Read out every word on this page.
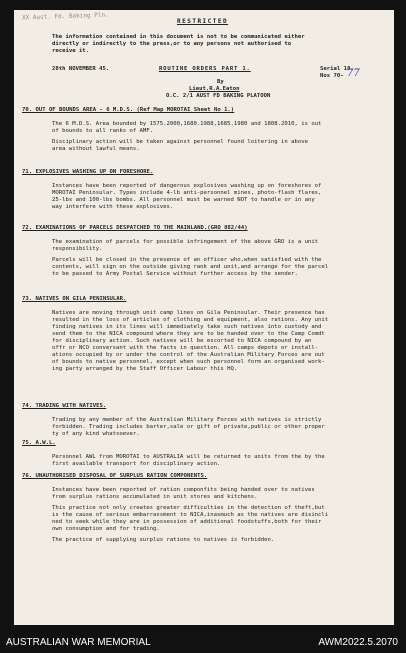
XX Aust. Fd. Baking Pln.	RESTRICTED
The information contained in this document is not to be communicated either
directly or indirectly to the press,or to any persons not authorised to
receive it.
28th NOVEMBER 45.	ROUTINE ORDERS PART 1.	Serial 18.
Nos 70- 77
By
Lieut.R.A.Eaton
O.C. 2/1 AUST FD BAKING PLATOON
70. OUT OF BOUNDS AREA - 6 M.D.S. (Ref Map MOROTAI Sheet No 1.)
The 6 M.D.S. Area bounded by 1575.2000,1680.1988,1685.1980 and 1808.2010, is out
of bounds to all ranks of AMF.
Disciplinary action will be taken against personnel found loitering in above
area without lawful means.
71. EXPLOSIVES WASHING UP ON FORESHORE.
Instances have been reported of dangerous explosives washing up on foreshores of
MOROTAI Peninsular. Types include 4-lb anti-personnel mines, photo-flash flares,
25-lbs and 100-lbs bombs. All personnel must be warned NOT to handle or in any
way interfere with these explosives.
72. EXAMINATIONS OF PARCELS DESPATCHED TO THE MAINLAND.(GRO 882/44)
The examination of parcels for possible infringement of the above GRO is a unit
responsibility.
Parcels will be closed in the presence of an officer who,when satisfied with the
contents, will sign on the outside giving rank and unit,and arrange for the parcel
to be passed to Army Postal Service without further access by the sender.
73. NATIVES ON GILA PENINSULAR.
Natives are moving through unit camp lines on Gila Peninsular. Their presence has
resulted in the loss of articles of clothing and equipment, also rations. Any unit
finding natives in its lines will immediately take such natives into custody and
send them to the NICA compound where they are to be handed over to the Camp Comdt
for disciplinary action. Such natives will be escorted to NICA compound by an
offr or NCO conversant with the facts in question. All camps depots or install-
ations occupied by or under the control of the Australian Military Forces are out
of bounds to native personnel, except when such personnel form an organised work-
ing party arranged by the Staff Officer Labour this HQ.
74. TRADING WITH NATIVES.
Trading by any member of the Australian Military Forces with natives is strictly
forbidden. Trading includes barter,sale or gift of private,public or other proper
ty of any kind whatsoever.
75. A.W.L.
Personnel AWL from MOROTAI to AUSTRALIA will be returned to units from the by the
first available transport for disciplinary action.
76. UNAUTHORISED DISPOSAL OF SURPLUS RATION COMPONENTS.
Instances have been reported of ration componfits being handed over to natives
from surplus rations accumulated in unit stores and kitchens.
This practice not only creates greater difficulties in the detection of theft,but
is the cause of serious embarrassment to NICA,inasmuch as the natives are disincli
ned to seek while they are in possession of additional foodstuffs,both for their
own consumption and for trading.
The practice of supplying surplus rations to natives is forbidden.
AUSTRALIAN WAR MEMORIAL	AWM2022.5.2070
